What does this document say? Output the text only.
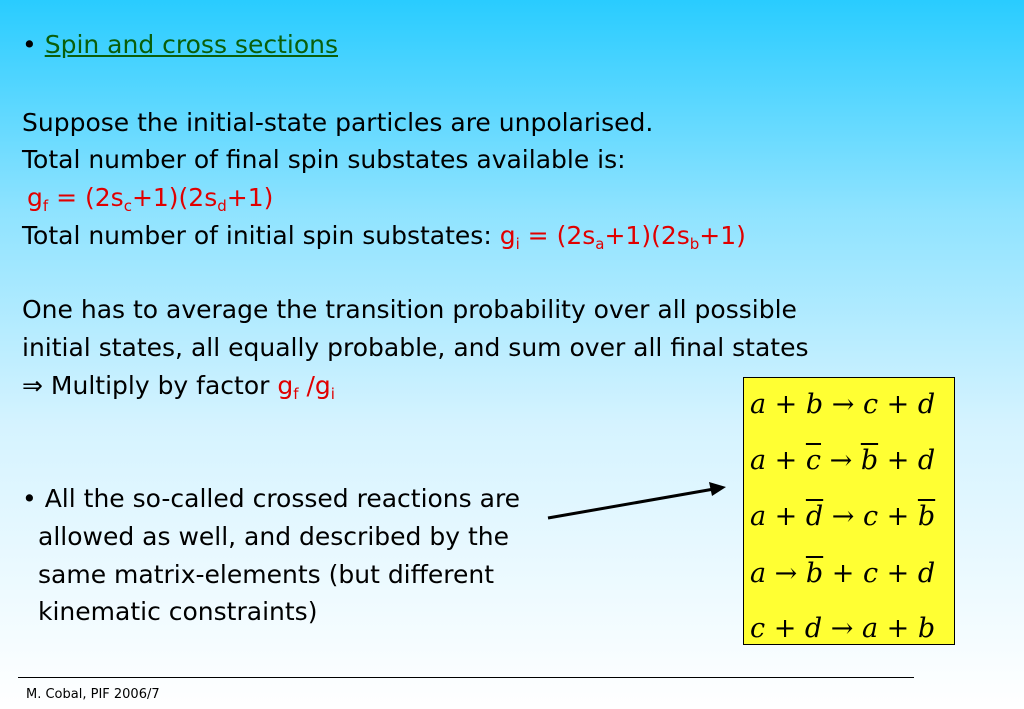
• Spin and cross sections
Suppose the initial-state particles are unpolarised.
Total number of final spin substates available is:
$g_f = (2s_c+1)(2s_d+1)$
Total number of initial spin substates: $g_i = (2s_a+1)(2s_b+1)$
One has to average the transition probability over all possible
initial states, all equally probable, and sum over all final states
⇒ Multiply by factor $g_f$ $/g_i$
• All the so-called crossed reactions are
allowed as well, and described by the
same matrix-elements (but different
kinematic constraints)
a + b → c + d
$a + \overline{c} \to \overline{b} + d$
$a + \overline{d} \to c + \overline{b}$
$a \to \overline{b} + c + d$
c + d → a + b
M. Cobal, PIF 2006/7
